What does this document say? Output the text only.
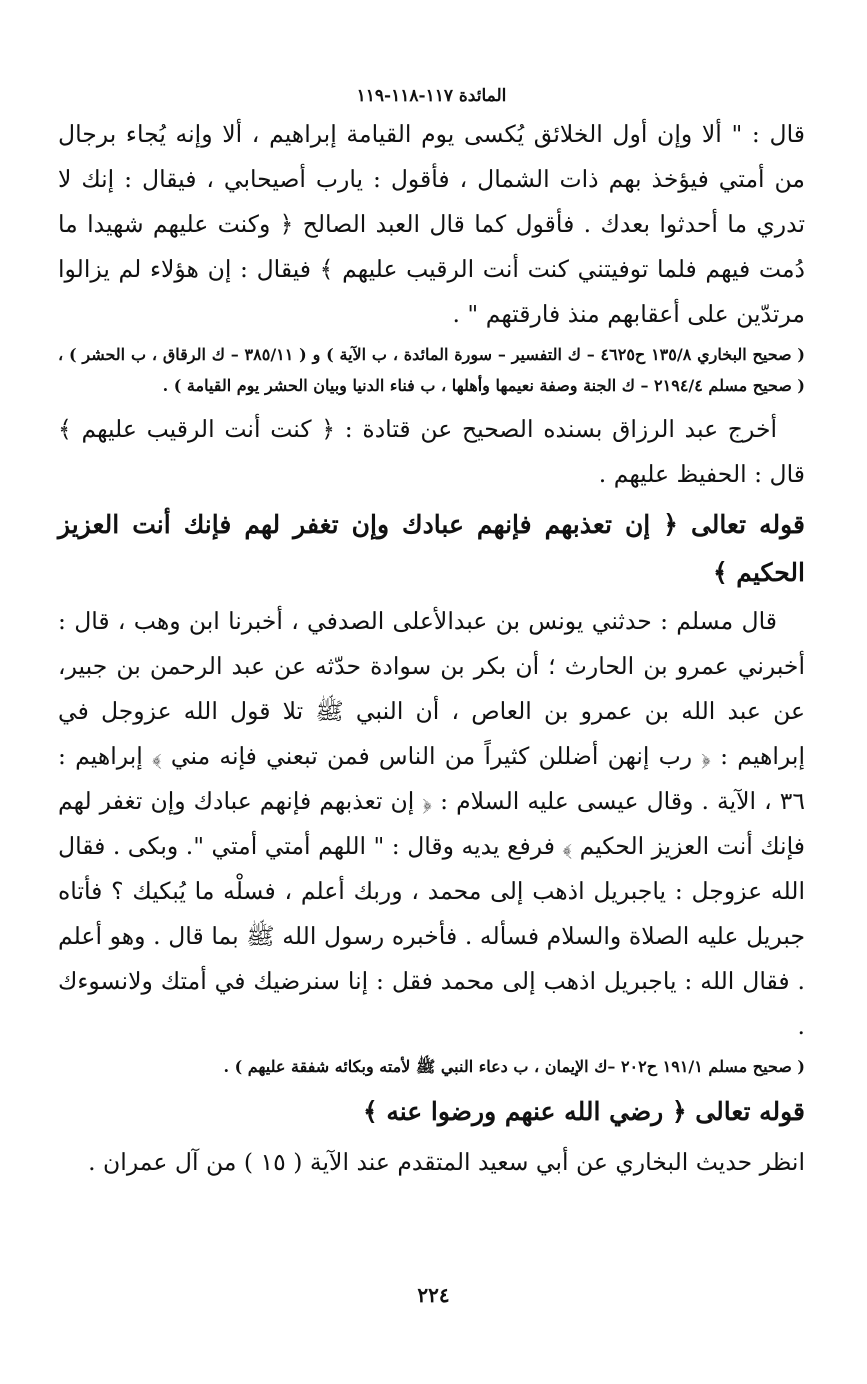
المائدة ١١٧-١١٨-١١٩

قال : " ألا وإن أول الخلائق يُكسى يوم القيامة إبراهيم ، ألا وإنه يُجاء برجال من أمتي فيؤخذ بهم ذات الشمال ، فأقول : يارب أصيحابي ، فيقال : إنك لا تدري ما أحدثوا بعدك . فأقول كما قال العبد الصالح ﴿ وكنت عليهم شهيدا ما دُمت فيهم فلما توفيتني كنت أنت الرقيب عليهم ﴾ فيقال : إن هؤلاء لم يزالوا مرتدّين على أعقابهم منذ فارقتهم " .

( صحيح البخاري ١٣٥/٨ ح٤٦٢٥ – ك التفسير – سورة المائدة ، ب الآية ) و ( ٣٨٥/١١ – ك الرقاق ، ب الحشر ) ، ( صحيح مسلم ٢١٩٤/٤ – ك الجنة وصفة نعيمها وأهلها ، ب فناء الدنيا وبيان الحشر يوم القيامة ) .

أخرج عبد الرزاق بسنده الصحيح عن قتادة : ﴿ كنت أنت الرقيب عليهم ﴾ قال : الحفيظ عليهم .

قوله تعالى ﴿ إن تعذبهم فإنهم عبادك وإن تغفر لهم فإنك أنت العزيز الحكيم ﴾

قال مسلم : حدثني يونس بن عبدالأعلى الصدفي ، أخبرنا ابن وهب ، قال : أخبرني عمرو بن الحارث ؛ أن بكر بن سوادة حدّثه عن عبد الرحمن بن جبير، عن عبد الله بن عمرو بن العاص ، أن النبي ﷺ تلا قول الله عزوجل في إبراهيم : ﴿ رب إنهن أضللن كثيراً من الناس فمن تبعني فإنه مني ﴾ إبراهيم : ٣٦ ، الآية . وقال عيسى عليه السلام : ﴿ إن تعذبهم فإنهم عبادك وإن تغفر لهم فإنك أنت العزيز الحكيم ﴾ فرفع يديه وقال : " اللهم أمتي أمتي ". وبكى . فقال الله عزوجل : ياجبريل اذهب إلى محمد ، وربك أعلم ، فسلْه ما يُبكيك ؟ فأتاه جبريل عليه الصلاة والسلام فسأله . فأخبره رسول الله ﷺ بما قال . وهو أعلم . فقال الله : ياجبريل اذهب إلى محمد فقل : إنا سنرضيك في أمتك ولانسوءك .

( صحيح مسلم ١٩١/١ ح٢٠٢ –ك الإيمان ، ب دعاء النبي ﷺ لأمته وبكائه شفقة عليهم ) .

قوله تعالى ﴿ رضي الله عنهم ورضوا عنه ﴾

انظر حديث البخاري عن أبي سعيد المتقدم عند الآية ( ١٥ ) من آل عمران .

٢٢٤
